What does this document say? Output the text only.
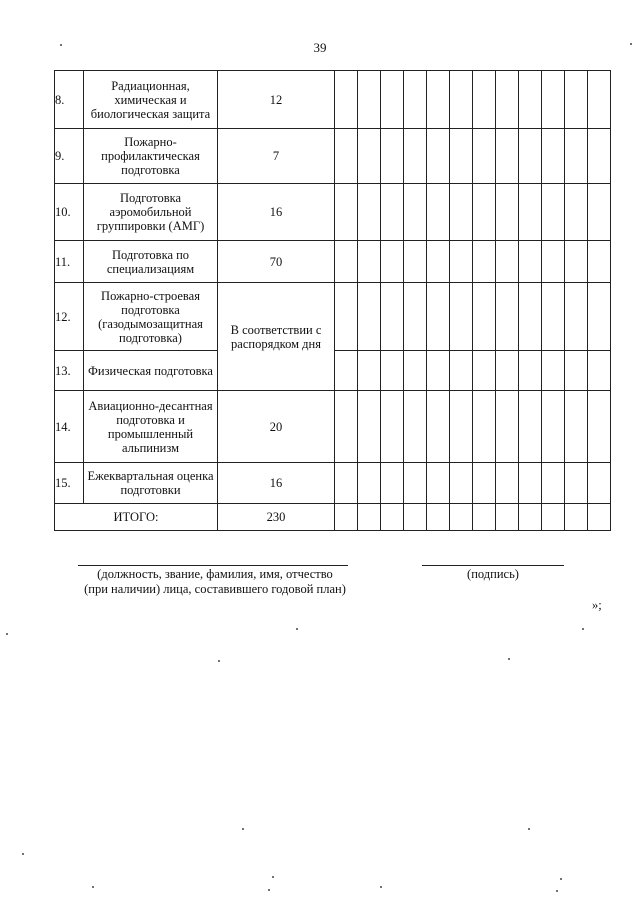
39
8.	Радиационная, химическая и биологическая защита	12												
9.	Пожарно-профилактическая подготовка	7												
10.	Подготовка аэромобильной группировки (АМГ)	16												
11.	Подготовка по специализациям	70												
12.	Пожарно-строевая подготовка (газодымозащитная подготовка)	В соответствии с распорядком дня												
13.	Физическая подготовка													
14.	Авиационно-десантная подготовка и промышленный альпинизм	20												
15.	Ежеквартальная оценка подготовки	16												
ИТОГО:		230												
(должность, звание, фамилия, имя, отчество
(при наличии) лица, составившего годовой план)
(подпись)
»;
